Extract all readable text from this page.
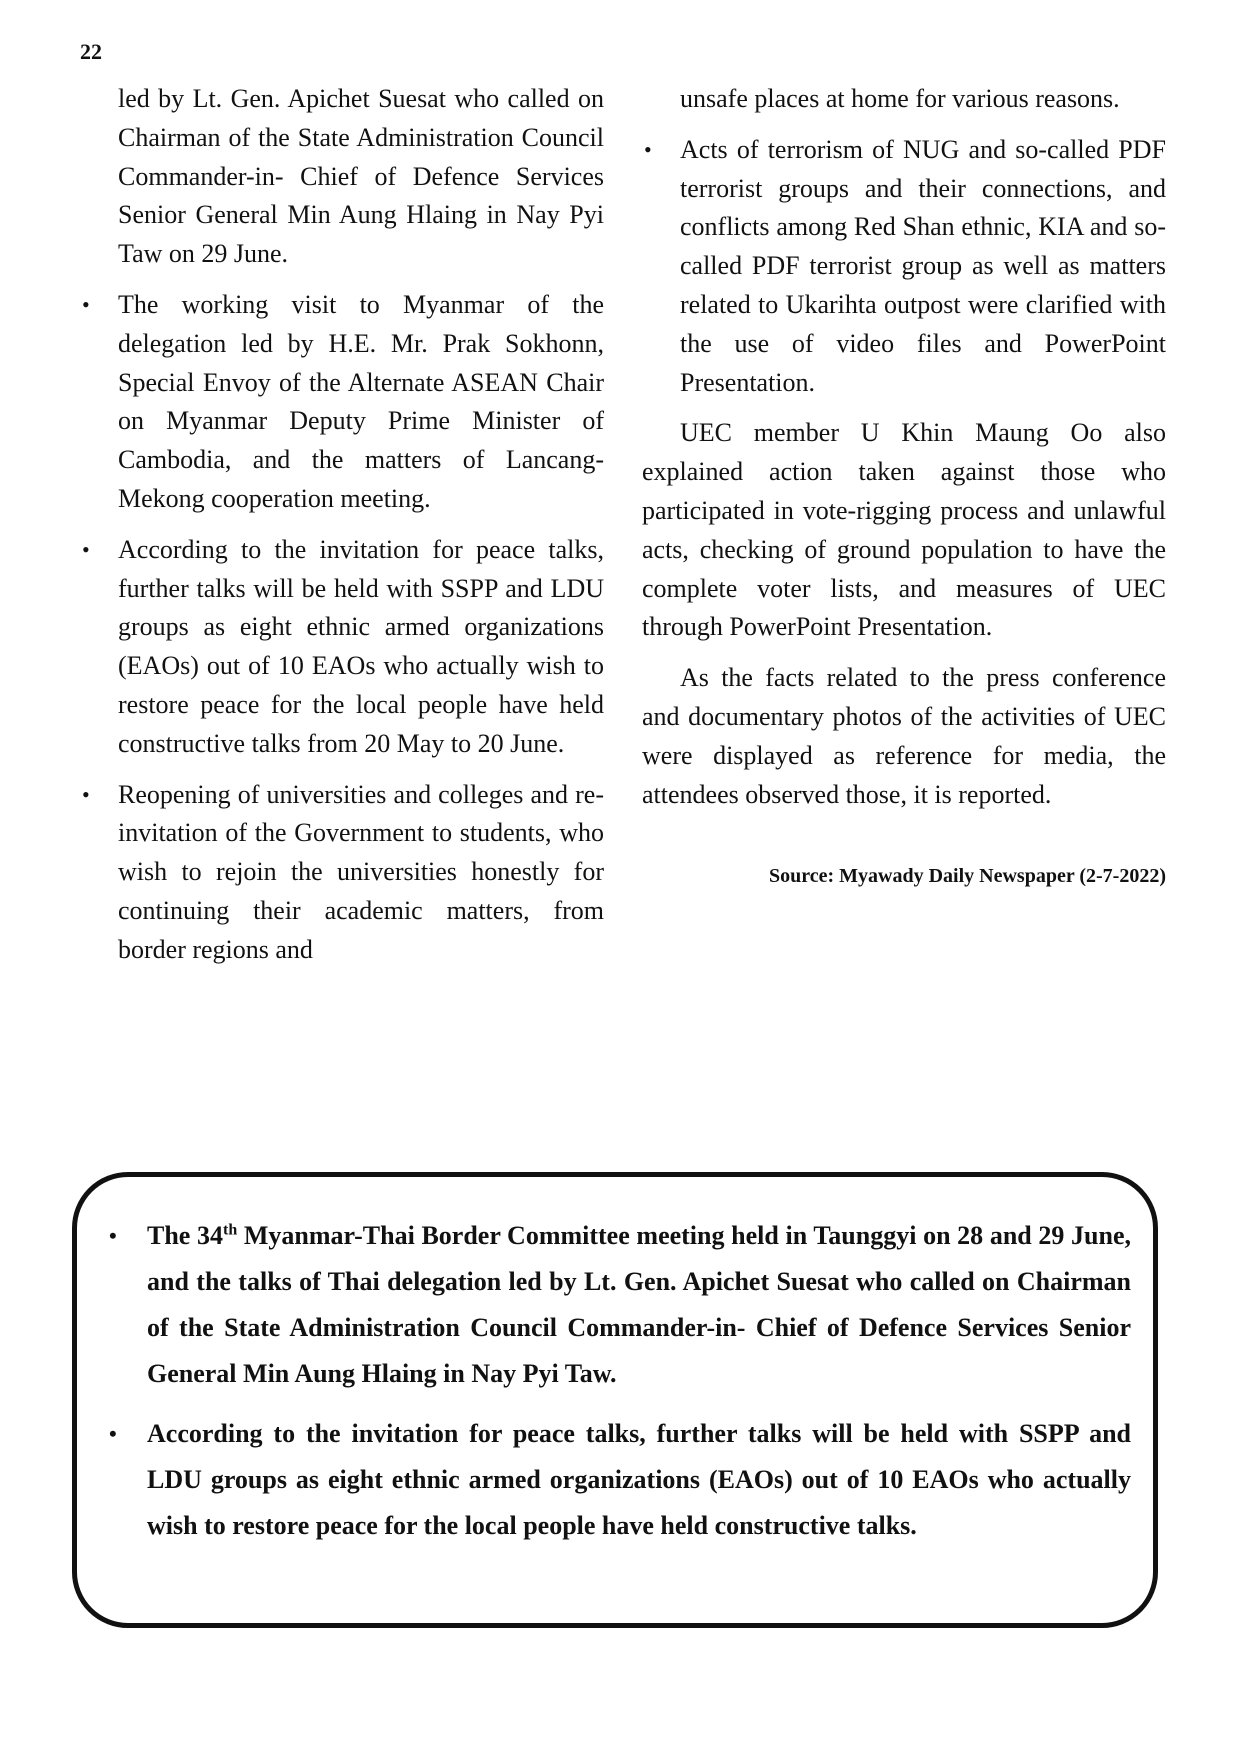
22

led by Lt. Gen. Apichet Suesat who called on Chairman of the State Administration Council Commander-in- Chief of Defence Services Senior General Min Aung Hlaing in Nay Pyi Taw on 29 June.

• The working visit to Myanmar of the delegation led by H.E. Mr. Prak Sokhonn, Special Envoy of the Alternate ASEAN Chair on Myanmar Deputy Prime Minister of Cambodia, and the matters of Lancang-Mekong cooperation meeting.
• According to the invitation for peace talks, further talks will be held with SSPP and LDU groups as eight ethnic armed organizations (EAOs) out of 10 EAOs who actually wish to restore peace for the local people have held constructive talks from 20 May to 20 June.
• Reopening of universities and colleges and re-invitation of the Government to students, who wish to rejoin the universities honestly for continuing their academic matters, from border regions and

unsafe places at home for various reasons.

• Acts of terrorism of NUG and so-called PDF terrorist groups and their connections, and conflicts among Red Shan ethnic, KIA and so-called PDF terrorist group as well as matters related to Ukarihta outpost were clarified with the use of video files and PowerPoint Presentation.

UEC member U Khin Maung Oo also explained action taken against those who participated in vote-rigging process and unlawful acts, checking of ground population to have the complete voter lists, and measures of UEC through PowerPoint Presentation.

As the facts related to the press conference and documentary photos of the activities of UEC were displayed as reference for media, the attendees observed those, it is reported.

Source: Myawady Daily Newspaper (2-7-2022)
• The 34th Myanmar-Thai Border Committee meeting held in Taunggyi on 28 and 29 June, and the talks of Thai delegation led by Lt. Gen. Apichet Suesat who called on Chairman of the State Administration Council Commander-in- Chief of Defence Services Senior General Min Aung Hlaing in Nay Pyi Taw.
• According to the invitation for peace talks, further talks will be held with SSPP and LDU groups as eight ethnic armed organizations (EAOs) out of 10 EAOs who actually wish to restore peace for the local people have held constructive talks.
